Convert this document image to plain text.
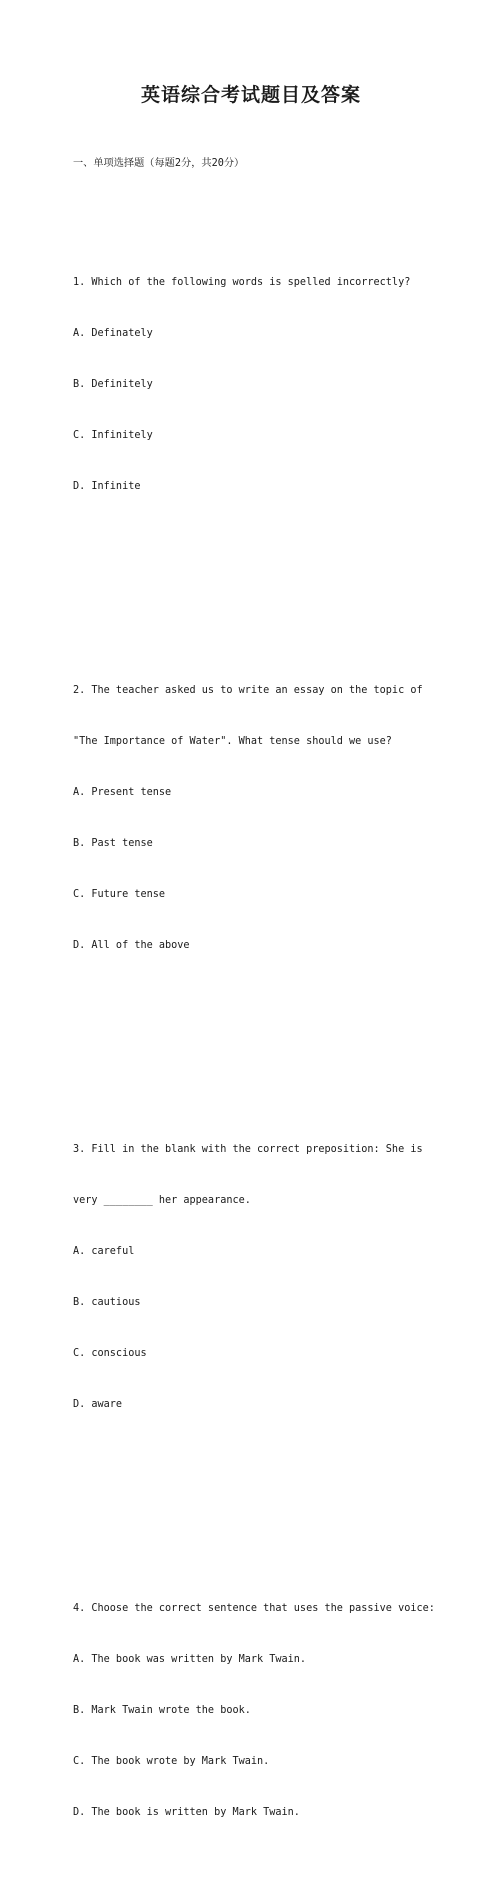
英语综合考试题目及答案

一、单项选择题（每题2分，共20分）

1. Which of the following words is spelled incorrectly?

A. Definately

B. Definitely

C. Infinitely

D. Infinite

2. The teacher asked us to write an essay on the topic of

"The Importance of Water". What tense should we use?

A. Present tense

B. Past tense

C. Future tense

D. All of the above

3. Fill in the blank with the correct preposition: She is

very ________ her appearance.

A. careful

B. cautious

C. conscious

D. aware

4. Choose the correct sentence that uses the passive voice:

A. The book was written by Mark Twain.

B. Mark Twain wrote the book.

C. The book wrote by Mark Twain.

D. The book is written by Mark Twain.
